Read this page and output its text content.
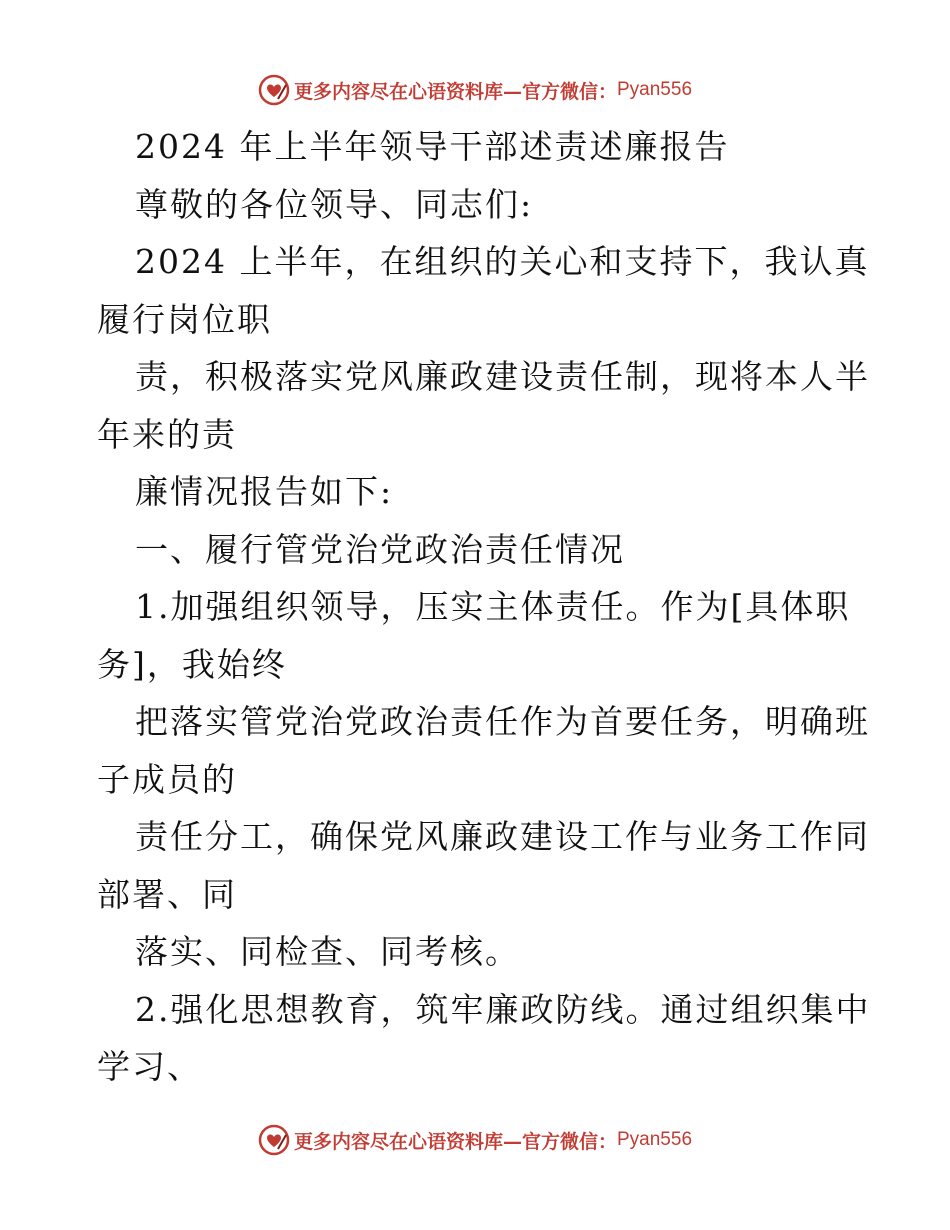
更多内容尽在心语资料库—官方微信： Pyan556
2024 年上半年领导干部述责述廉报告
尊敬的各位领导、同志们:
2024 上半年，在组织的关心和支持下，我认真
履行岗位职
责，积极落实党风廉政建设责任制，现将本人半
年来的责
廉情况报告如下:
一、履行管党治党政治责任情况
1.加强组织领导，压实主体责任。作为[具体职
务]，我始终
把落实管党治党政治责任作为首要任务，明确班
子成员的
责任分工，确保党风廉政建设工作与业务工作同
部署、同
落实、同检查、同考核。
2.强化思想教育，筑牢廉政防线。通过组织集中
学习、
更多内容尽在心语资料库—官方微信： Pyan556
